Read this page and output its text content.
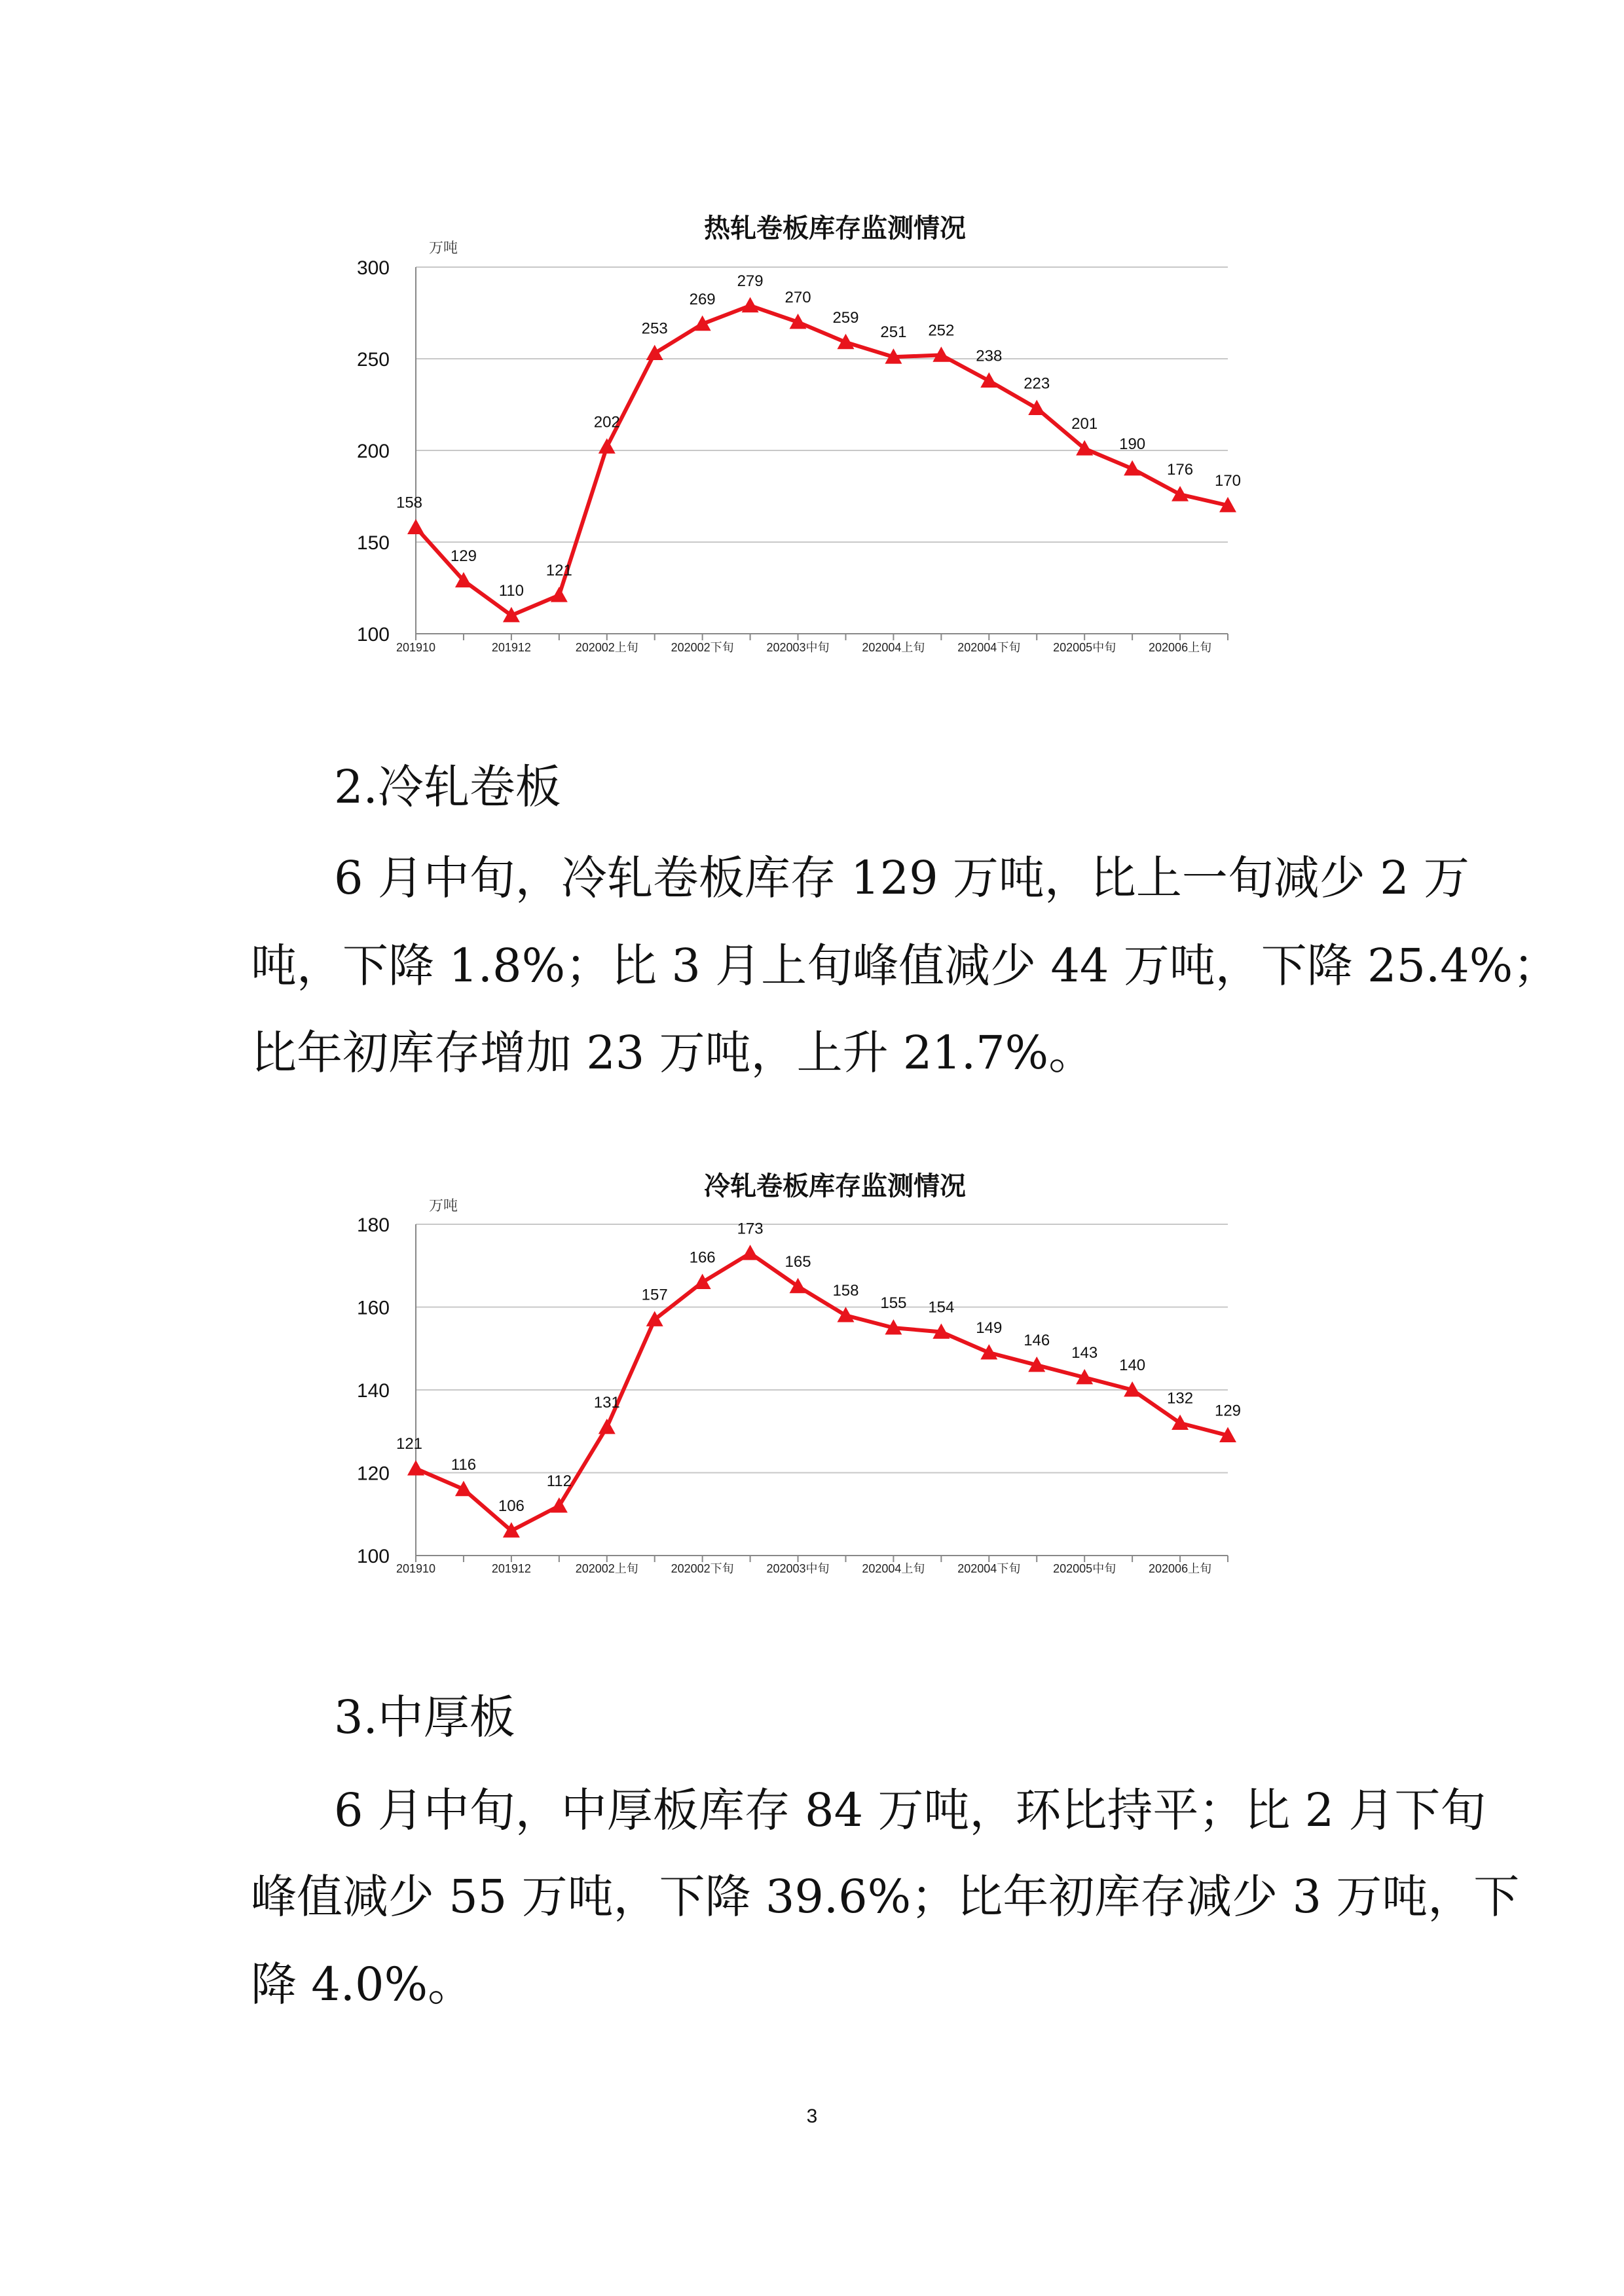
热轧卷板库存监测情况
万吨
100
150
200
250
300
201910	201912	202002上旬	202002下旬	202003中旬	202004上旬	202004下旬	202005中旬	202006上旬
158
129
110
121
202
253
269
279
270
259
251 252
238
223
201
190
176
170
2.冷轧卷板
6 月中旬，冷轧卷板库存 129 万吨，比上一旬减少 2 万
吨，下降 1.8%；比 3 月上旬峰值减少 44 万吨，下降 25.4%；
比年初库存增加 23 万吨，上升 21.7%。
冷轧卷板库存监测情况
万吨
100
120
140
160
180
201910	201912	202002上旬	202002下旬	202003中旬	202004上旬	202004下旬	202005中旬	202006上旬
121
116
106
112
131
157
166
173
165
158
155 154
149
146
143
140
132
129
3.中厚板
6 月中旬，中厚板库存 84 万吨，环比持平；比 2 月下旬
峰值减少 55 万吨，下降 39.6%；比年初库存减少 3 万吨，下
降 4.0%。
3
